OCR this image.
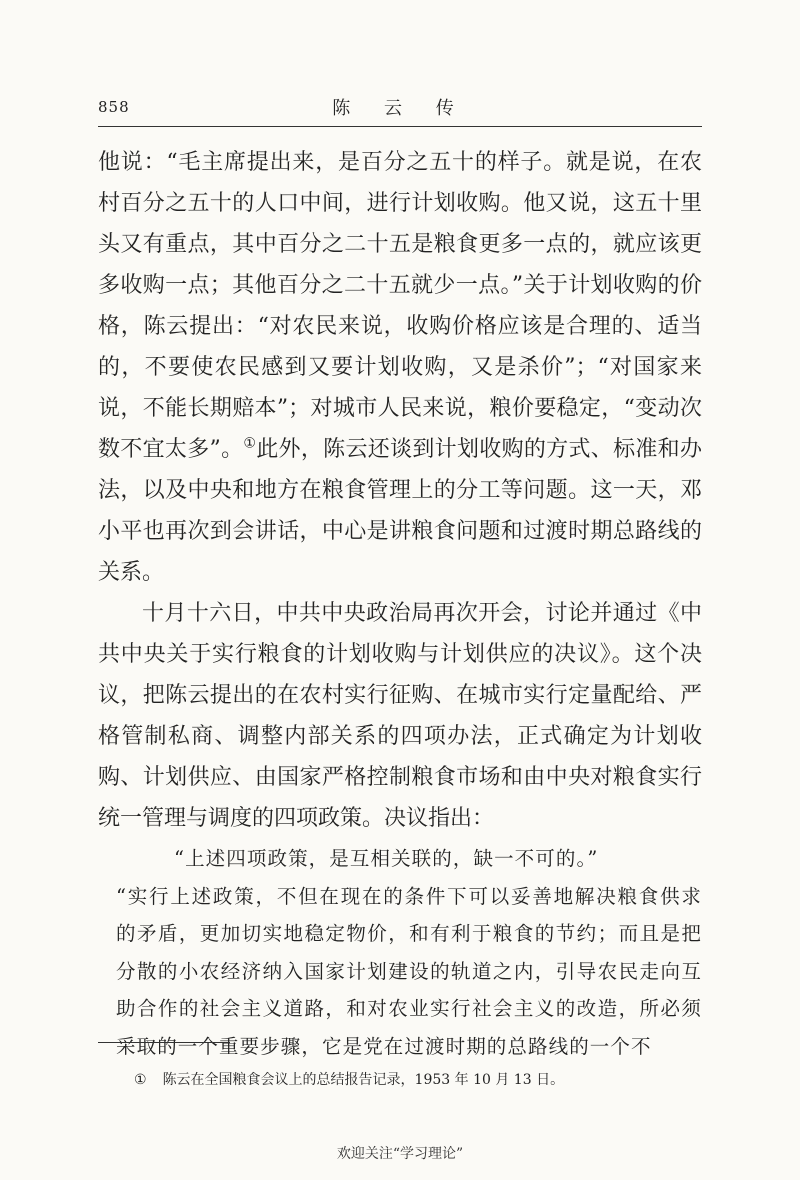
858	陈 云 传

他说：“毛主席提出来，是百分之五十的样子。就是说，在农村百分之五十的人口中间，进行计划收购。他又说，这五十里头又有重点，其中百分之二十五是粮食更多一点的，就应该更多收购一点；其他百分之二十五就少一点。”关于计划收购的价格，陈云提出：“对农民来说，收购价格应该是合理的、适当的，不要使农民感到又要计划收购，又是杀价”；“对国家来说，不能长期赔本”；对城市人民来说，粮价要稳定，“变动次数不宜太多”。①此外，陈云还谈到计划收购的方式、标准和办法，以及中央和地方在粮食管理上的分工等问题。这一天，邓小平也再次到会讲话，中心是讲粮食问题和过渡时期总路线的关系。

十月十六日，中共中央政治局再次开会，讨论并通过《中共中央关于实行粮食的计划收购与计划供应的决议》。这个决议，把陈云提出的在农村实行征购、在城市实行定量配给、严格管制私商、调整内部关系的四项办法，正式确定为计划收购、计划供应、由国家严格控制粮食市场和由中央对粮食实行统一管理与调度的四项政策。决议指出：

“上述四项政策，是互相关联的，缺一不可的。”

“实行上述政策，不但在现在的条件下可以妥善地解决粮食供求的矛盾，更加切实地稳定物价，和有利于粮食的节约；而且是把分散的小农经济纳入国家计划建设的轨道之内，引导农民走向互助合作的社会主义道路，和对农业实行社会主义的改造，所必须采取的一个重要步骤，它是党在过渡时期的总路线的一个不

① 陈云在全国粮食会议上的总结报告记录，1953 年 10 月 13 日。
欢迎关注“学习理论”
